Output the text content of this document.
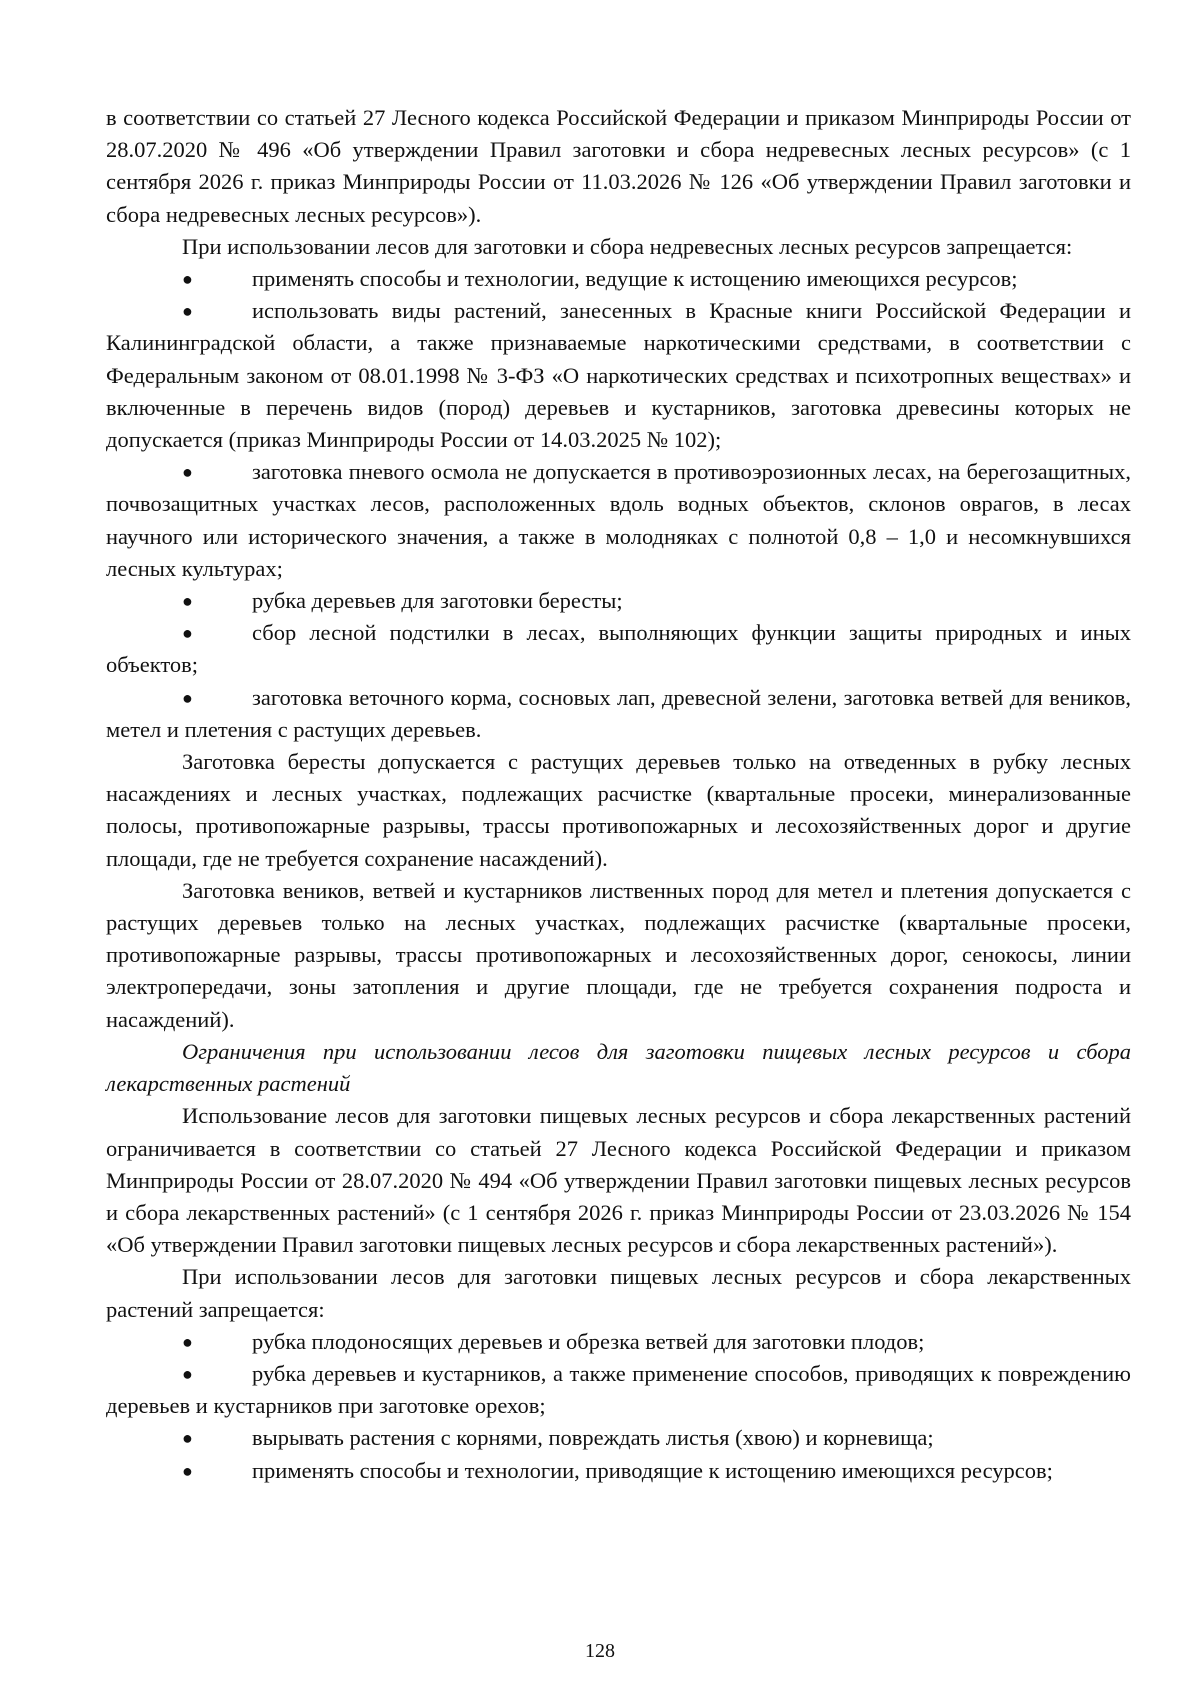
в соответствии со статьей 27 Лесного кодекса Российской Федерации и приказом Минприроды России от 28.07.2020 № 496 «Об утверждении Правил заготовки и сбора недревесных лесных ресурсов» (с 1 сентября 2026 г. приказ Минприроды России от 11.03.2026 № 126 «Об утверждении Правил заготовки и сбора недревесных лесных ресурсов»).

При использовании лесов для заготовки и сбора недревесных лесных ресурсов запрещается:

●	применять способы и технологии, ведущие к истощению имеющихся ресурсов;

●	использовать виды растений, занесенных в Красные книги Российской Федерации и Калининградской области, а также признаваемые наркотическими средствами, в соответствии с Федеральным законом от 08.01.1998 № 3-ФЗ «О наркотических средствах и психотропных веществах» и включенные в перечень видов (пород) деревьев и кустарников, заготовка древесины которых не допускается (приказ Минприроды России от 14.03.2025 № 102);

●	заготовка пневого осмола не допускается в противоэрозионных лесах, на берегозащитных, почвозащитных участках лесов, расположенных вдоль водных объектов, склонов оврагов, в лесах научного или исторического значения, а также в молодняках с полнотой 0,8 – 1,0 и несомкнувшихся лесных культурах;

●	рубка деревьев для заготовки бересты;

●	сбор лесной подстилки в лесах, выполняющих функции защиты природных и иных объектов;

●	заготовка веточного корма, сосновых лап, древесной зелени, заготовка ветвей для веников, метел и плетения с растущих деревьев.

Заготовка бересты допускается с растущих деревьев только на отведенных в рубку лесных насаждениях и лесных участках, подлежащих расчистке (квартальные просеки, минерализованные полосы, противопожарные разрывы, трассы противопожарных и лесохозяйственных дорог и другие площади, где не требуется сохранение насаждений).

Заготовка веников, ветвей и кустарников лиственных пород для метел и плетения допускается с растущих деревьев только на лесных участках, подлежащих расчистке (квартальные просеки, противопожарные разрывы, трассы противопожарных и лесохозяйственных дорог, сенокосы, линии электропередачи, зоны затопления и другие площади, где не требуется сохранения подроста и насаждений).

Ограничения при использовании лесов для заготовки пищевых лесных ресурсов и сбора лекарственных растений

Использование лесов для заготовки пищевых лесных ресурсов и сбора лекарственных растений ограничивается в соответствии со статьей 27 Лесного кодекса Российской Федерации и приказом Минприроды России от 28.07.2020 № 494 «Об утверждении Правил заготовки пищевых лесных ресурсов и сбора лекарственных растений» (с 1 сентября 2026 г. приказ Минприроды России от 23.03.2026 № 154 «Об утверждении Правил заготовки пищевых лесных ресурсов и сбора лекарственных растений»).

При использовании лесов для заготовки пищевых лесных ресурсов и сбора лекарственных растений запрещается:

●	рубка плодоносящих деревьев и обрезка ветвей для заготовки плодов;

●	рубка деревьев и кустарников, а также применение способов, приводящих к повреждению деревьев и кустарников при заготовке орехов;

●	вырывать растения с корнями, повреждать листья (хвою) и корневища;

●	применять способы и технологии, приводящие к истощению имеющихся ресурсов;

128
